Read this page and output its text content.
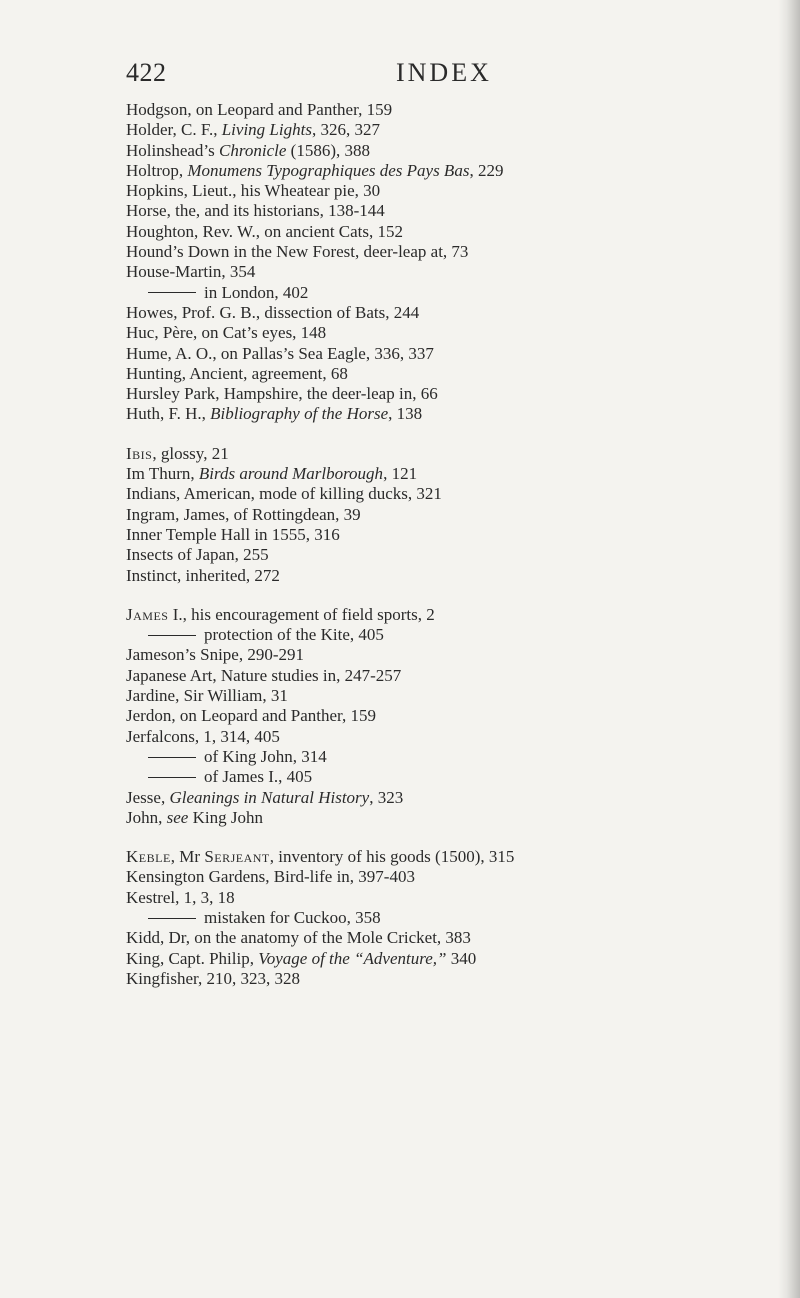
422	INDEX
Hodgson, on Leopard and Panther, 159
Holder, C. F., Living Lights, 326, 327
Holinshead’s Chronicle (1586), 388
Holtrop, Monumens Typographiques des Pays Bas, 229
Hopkins, Lieut., his Wheatear pie, 30
Horse, the, and its historians, 138-144
Houghton, Rev. W., on ancient Cats, 152
Hound’s Down in the New Forest, deer-leap at, 73
House-Martin, 354
in London, 402
Howes, Prof. G. B., dissection of Bats, 244
Huc, Père, on Cat’s eyes, 148
Hume, A. O., on Pallas’s Sea Eagle, 336, 337
Hunting, Ancient, agreement, 68
Hursley Park, Hampshire, the deer-leap in, 66
Huth, F. H., Bibliography of the Horse, 138
Ibis, glossy, 21
Im Thurn, Birds around Marlborough, 121
Indians, American, mode of killing ducks, 321
Ingram, James, of Rottingdean, 39
Inner Temple Hall in 1555, 316
Insects of Japan, 255
Instinct, inherited, 272
James I., his encouragement of field sports, 2
protection of the Kite, 405
Jameson’s Snipe, 290-291
Japanese Art, Nature studies in, 247-257
Jardine, Sir William, 31
Jerdon, on Leopard and Panther, 159
Jerfalcons, 1, 314, 405
of King John, 314
of James I., 405
Jesse, Gleanings in Natural History, 323
John, see King John
Keble, Mr Serjeant, inventory of his goods (1500), 315
Kensington Gardens, Bird-life in, 397-403
Kestrel, 1, 3, 18
mistaken for Cuckoo, 358
Kidd, Dr, on the anatomy of the Mole Cricket, 383
King, Capt. Philip, Voyage of the “Adventure,” 340
Kingfisher, 210, 323, 328
